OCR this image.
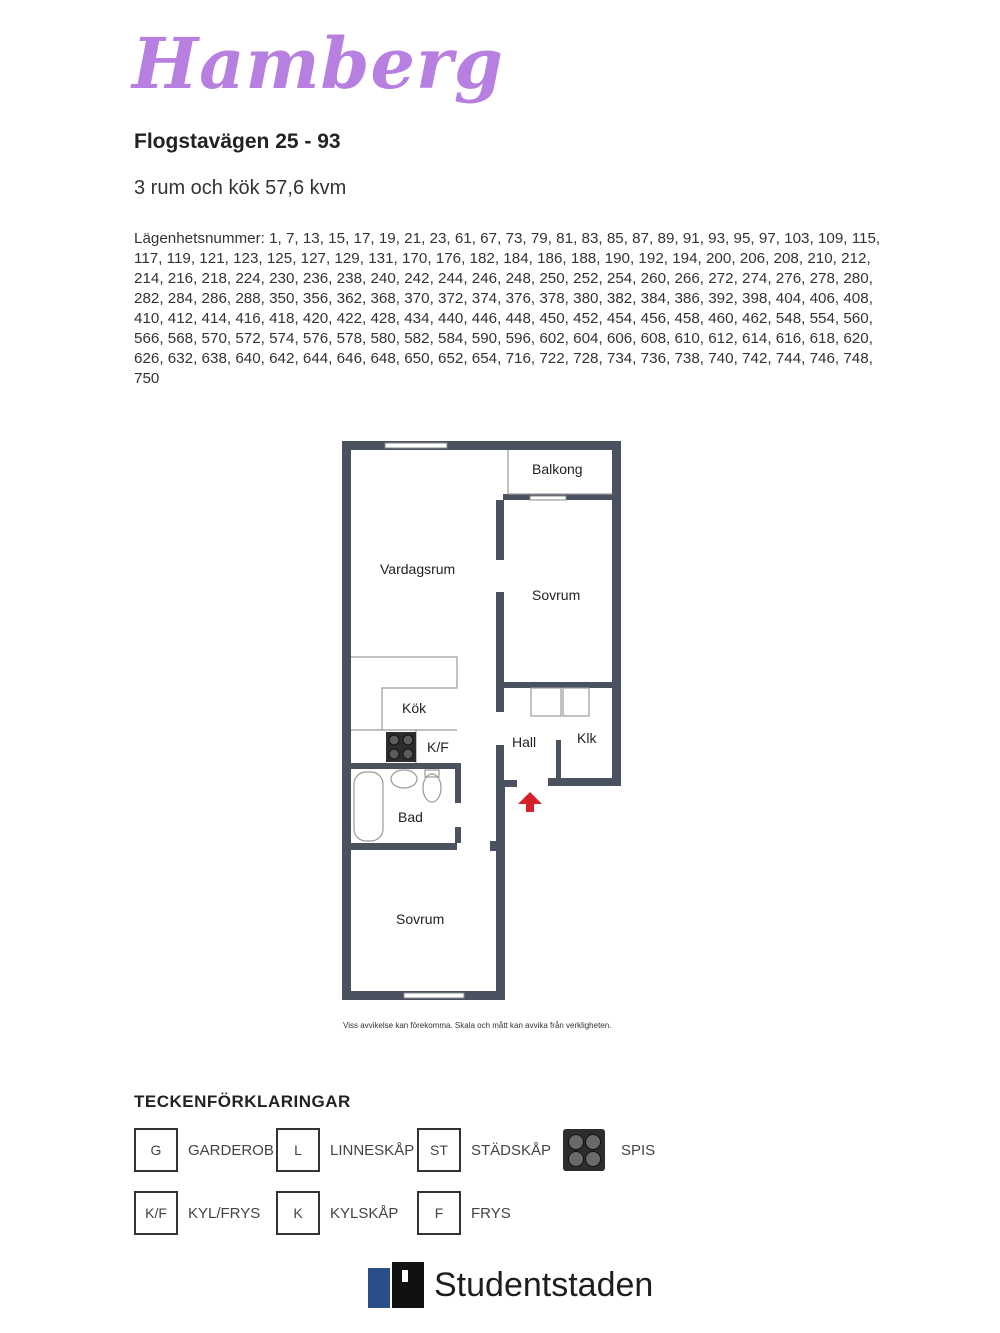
Hamberg
Flogstavägen 25 - 93
3 rum och kök 57,6 kvm
Lägenhetsnummer: 1, 7, 13, 15, 17, 19, 21, 23, 61, 67, 73, 79, 81, 83, 85, 87, 89, 91, 93, 95, 97, 103, 109, 115, 117, 119, 121, 123, 125, 127, 129, 131, 170, 176, 182, 184, 186, 188, 190, 192, 194, 200, 206, 208, 210, 212, 214, 216, 218, 224, 230, 236, 238, 240, 242, 244, 246, 248, 250, 252, 254, 260, 266, 272, 274, 276, 278, 280, 282, 284, 286, 288, 350, 356, 362, 368, 370, 372, 374, 376, 378, 380, 382, 384, 386, 392, 398, 404, 406, 408, 410, 412, 414, 416, 418, 420, 422, 428, 434, 440, 446, 448, 450, 452, 454, 456, 458, 460, 462, 548, 554, 560, 566, 568, 570, 572, 574, 576, 578, 580, 582, 584, 590, 596, 602, 604, 606, 608, 610, 612, 614, 616, 618, 620, 626, 632, 638, 640, 642, 644, 646, 648, 650, 652, 654, 716, 722, 728, 734, 736, 738, 740, 742, 744, 746, 748, 750
Balkong
Vardagsrum
Sovrum
Kök
K/F	Hall	Klk
Bad
Sovrum
Viss avvikelse kan förekomma. Skala och mått kan avvika från verkligheten.
TECKENFÖRKLARINGAR
G	GARDEROB	L	LINNESKÅP	ST	STÄDSKÅP	SPIS
K/F	KYL/FRYS	K	KYLSKÅP	F	FRYS
Studentstaden
